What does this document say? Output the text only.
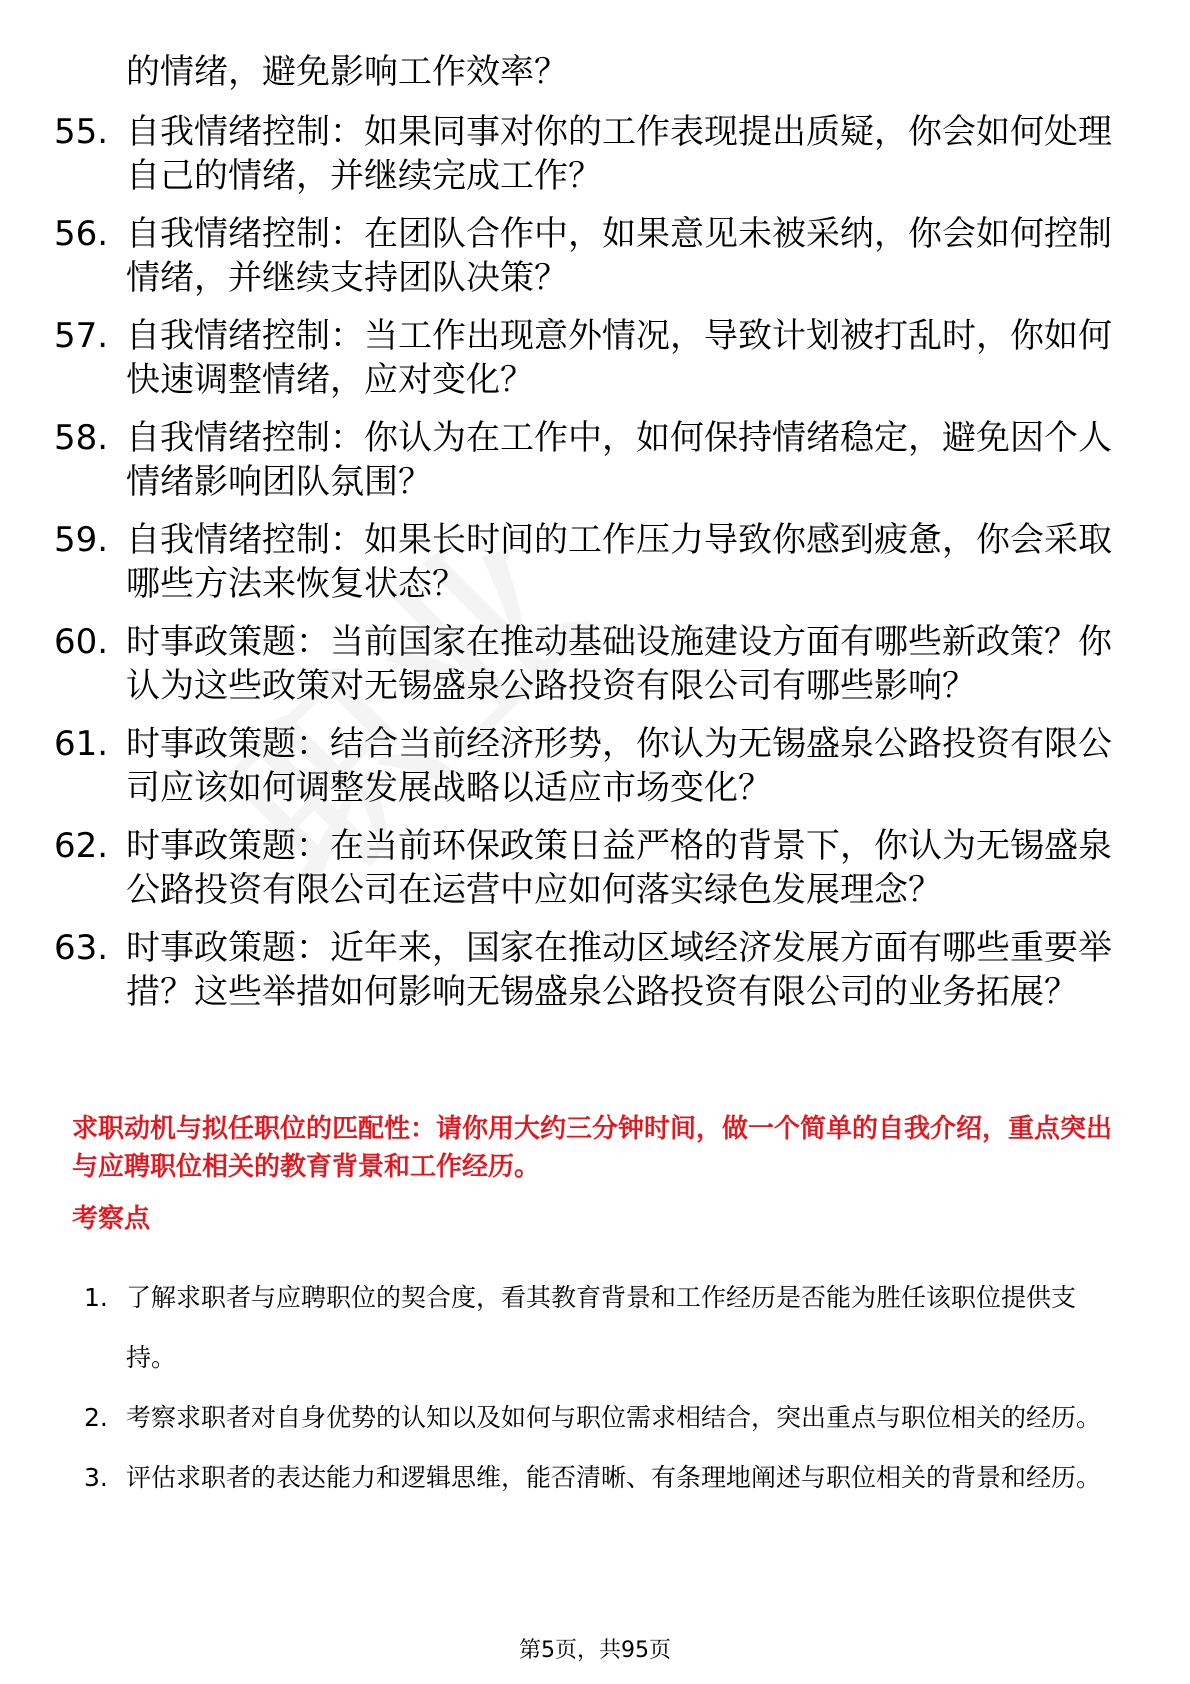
的情绪，避免影响工作效率？
55. 自我情绪控制：如果同事对你的工作表现提出质疑，你会如何处理自己的情绪，并继续完成工作？
56. 自我情绪控制：在团队合作中，如果意见未被采纳，你会如何控制情绪，并继续支持团队决策？
57. 自我情绪控制：当工作出现意外情况，导致计划被打乱时，你如何快速调整情绪，应对变化？
58. 自我情绪控制：你认为在工作中，如何保持情绪稳定，避免因个人情绪影响团队氛围？
59. 自我情绪控制：如果长时间的工作压力导致你感到疲惫，你会采取哪些方法来恢复状态？
60. 时事政策题：当前国家在推动基础设施建设方面有哪些新政策？你认为这些政策对无锡盛泉公路投资有限公司有哪些影响？
61. 时事政策题：结合当前经济形势，你认为无锡盛泉公路投资有限公司应该如何调整发展战略以适应市场变化？
62. 时事政策题：在当前环保政策日益严格的背景下，你认为无锡盛泉公路投资有限公司在运营中应如何落实绿色发展理念？
63. 时事政策题：近年来，国家在推动区域经济发展方面有哪些重要举措？这些举措如何影响无锡盛泉公路投资有限公司的业务拓展？
求职动机与拟任职位的匹配性：请你用大约三分钟时间，做一个简单的自我介绍，重点突出与应聘职位相关的教育背景和工作经历。
考察点
1. 了解求职者与应聘职位的契合度，看其教育背景和工作经历是否能为胜任该职位提供支持。
2. 考察求职者对自身优势的认知以及如何与职位需求相结合，突出重点与职位相关的经历。
3. 评估求职者的表达能力和逻辑思维，能否清晰、有条理地阐述与职位相关的背景和经历。
第5页，共95页
